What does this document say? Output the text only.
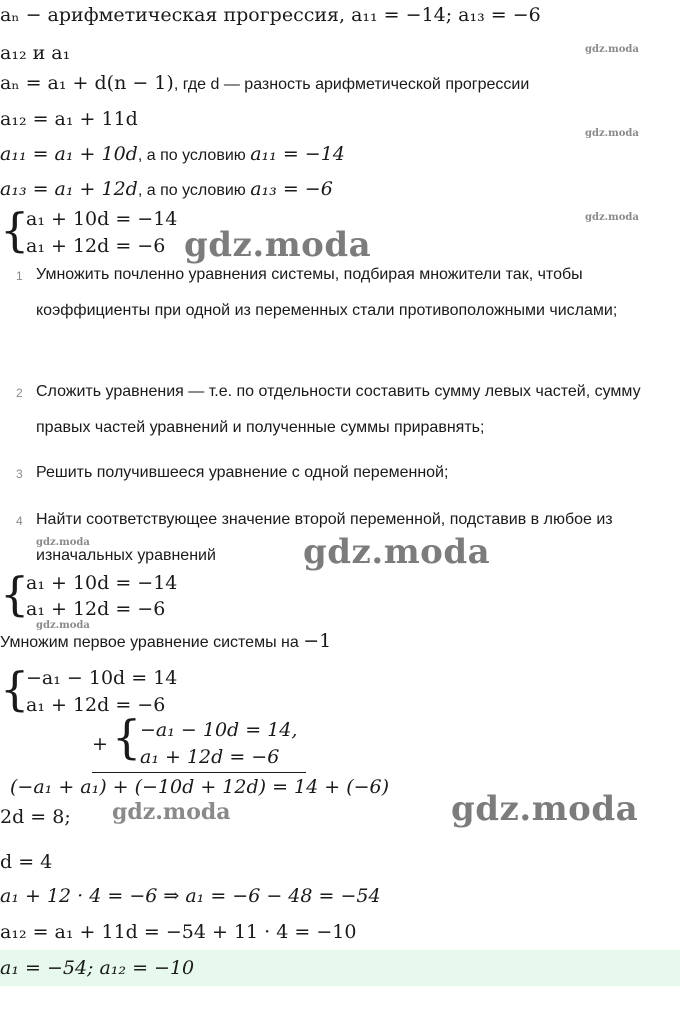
aₙ − арифметическая прогрессия, a₁₁ = −14; a₁₃ = −6
a₁₂ и a₁
aₙ = a₁ + d(n − 1), где d — разность арифметической прогрессии
a₁₂ = a₁ + 11d
a₁₁ = a₁ + 10d, а по условию a₁₁ = −14
a₁₃ = a₁ + 12d, а по условию a₁₃ = −6
{
a₁ + 10d = −14
a₁ + 12d = −6
1 Умножить почленно уравнения системы, подбирая множители так, чтобы коэффициенты при одной из переменных стали противоположными числами;
2 Сложить уравнения — т.е. по отдельности составить сумму левых частей, сумму правых частей уравнений и полученные суммы приравнять;
3 Решить получившееся уравнение с одной переменной;
4 Найти соответствующее значение второй переменной, подставив в любое из изначальных уравнений
{
a₁ + 10d = −14
a₁ + 12d = −6
Умножим первое уравнение системы на −1
{
−a₁ − 10d = 14
a₁ + 12d = −6
+ {
−a₁ − 10d = 14,
a₁ + 12d = −6
(−a₁ + a₁) + (−10d + 12d) = 14 + (−6)
2d = 8;
d = 4
a₁ + 12 · 4 = −6 ⇒ a₁ = −6 − 48 = −54
a₁₂ = a₁ + 11d = −54 + 11 · 4 = −10
a₁ = −54; a₁₂ = −10
gdz.moda
gdz.moda
gdz.moda
gdz.moda
gdz.moda	gdz.moda
gdz.moda
gdz.moda	gdz.moda
